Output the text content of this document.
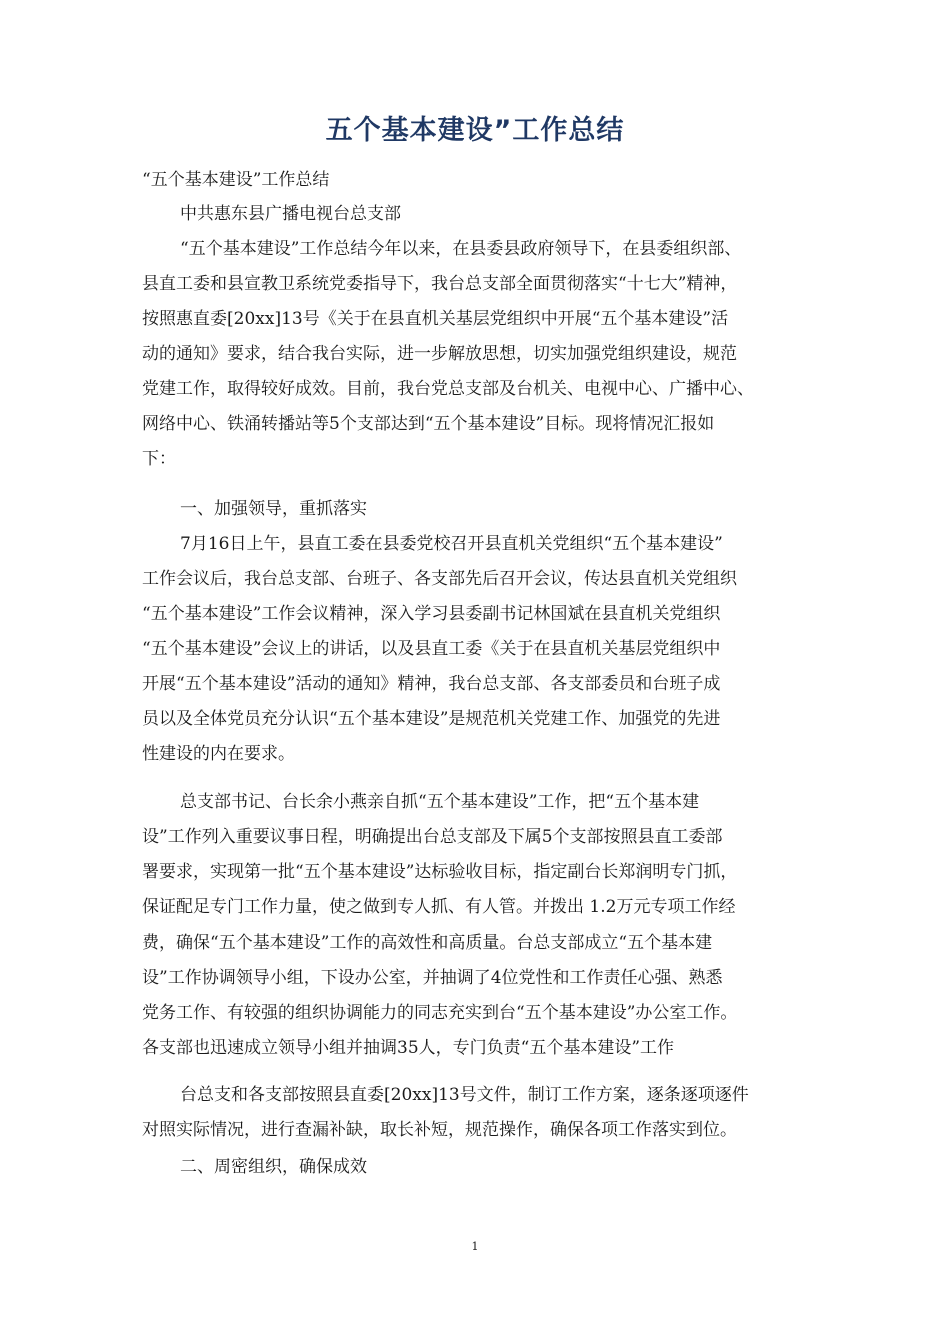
五个基本建设”工作总结

“五个基本建设”工作总结

中共惠东县广播电视台总支部

“五个基本建设”工作总结今年以来，在县委县政府领导下，在县委组织部、

县直工委和县宣教卫系统党委指导下，我台总支部全面贯彻落实“十七大”精神，

按照惠直委[20xx]13号《关于在县直机关基层党组织中开展“五个基本建设”活

动的通知》要求，结合我台实际，进一步解放思想，切实加强党组织建设，规范

党建工作，取得较好成效。目前，我台党总支部及台机关、电视中心、广播中心、

网络中心、铁涌转播站等5个支部达到“五个基本建设”目标。现将情况汇报如

下：

一、加强领导，重抓落实

7月16日上午，县直工委在县委党校召开县直机关党组织“五个基本建设”

工作会议后，我台总支部、台班子、各支部先后召开会议，传达县直机关党组织

“五个基本建设”工作会议精神，深入学习县委副书记林国斌在县直机关党组织

“五个基本建设”会议上的讲话，以及县直工委《关于在县直机关基层党组织中

开展“五个基本建设”活动的通知》精神，我台总支部、各支部委员和台班子成

员以及全体党员充分认识“五个基本建设”是规范机关党建工作、加强党的先进

性建设的内在要求。

总支部书记、台长余小燕亲自抓“五个基本建设”工作，把“五个基本建

设”工作列入重要议事日程，明确提出台总支部及下属5个支部按照县直工委部

署要求，实现第一批“五个基本建设”达标验收目标，指定副台长郑润明专门抓，

保证配足专门工作力量，使之做到专人抓、有人管。并拨出 1.2万元专项工作经

费，确保“五个基本建设”工作的高效性和高质量。台总支部成立“五个基本建

设”工作协调领导小组，下设办公室，并抽调了4位党性和工作责任心强、熟悉

党务工作、有较强的组织协调能力的同志充实到台“五个基本建设”办公室工作。

各支部也迅速成立领导小组并抽调35人，专门负责“五个基本建设”工作

台总支和各支部按照县直委[20xx]13号文件，制订工作方案，逐条逐项逐件

对照实际情况，进行查漏补缺，取长补短，规范操作，确保各项工作落实到位。

二、周密组织，确保成效

1
